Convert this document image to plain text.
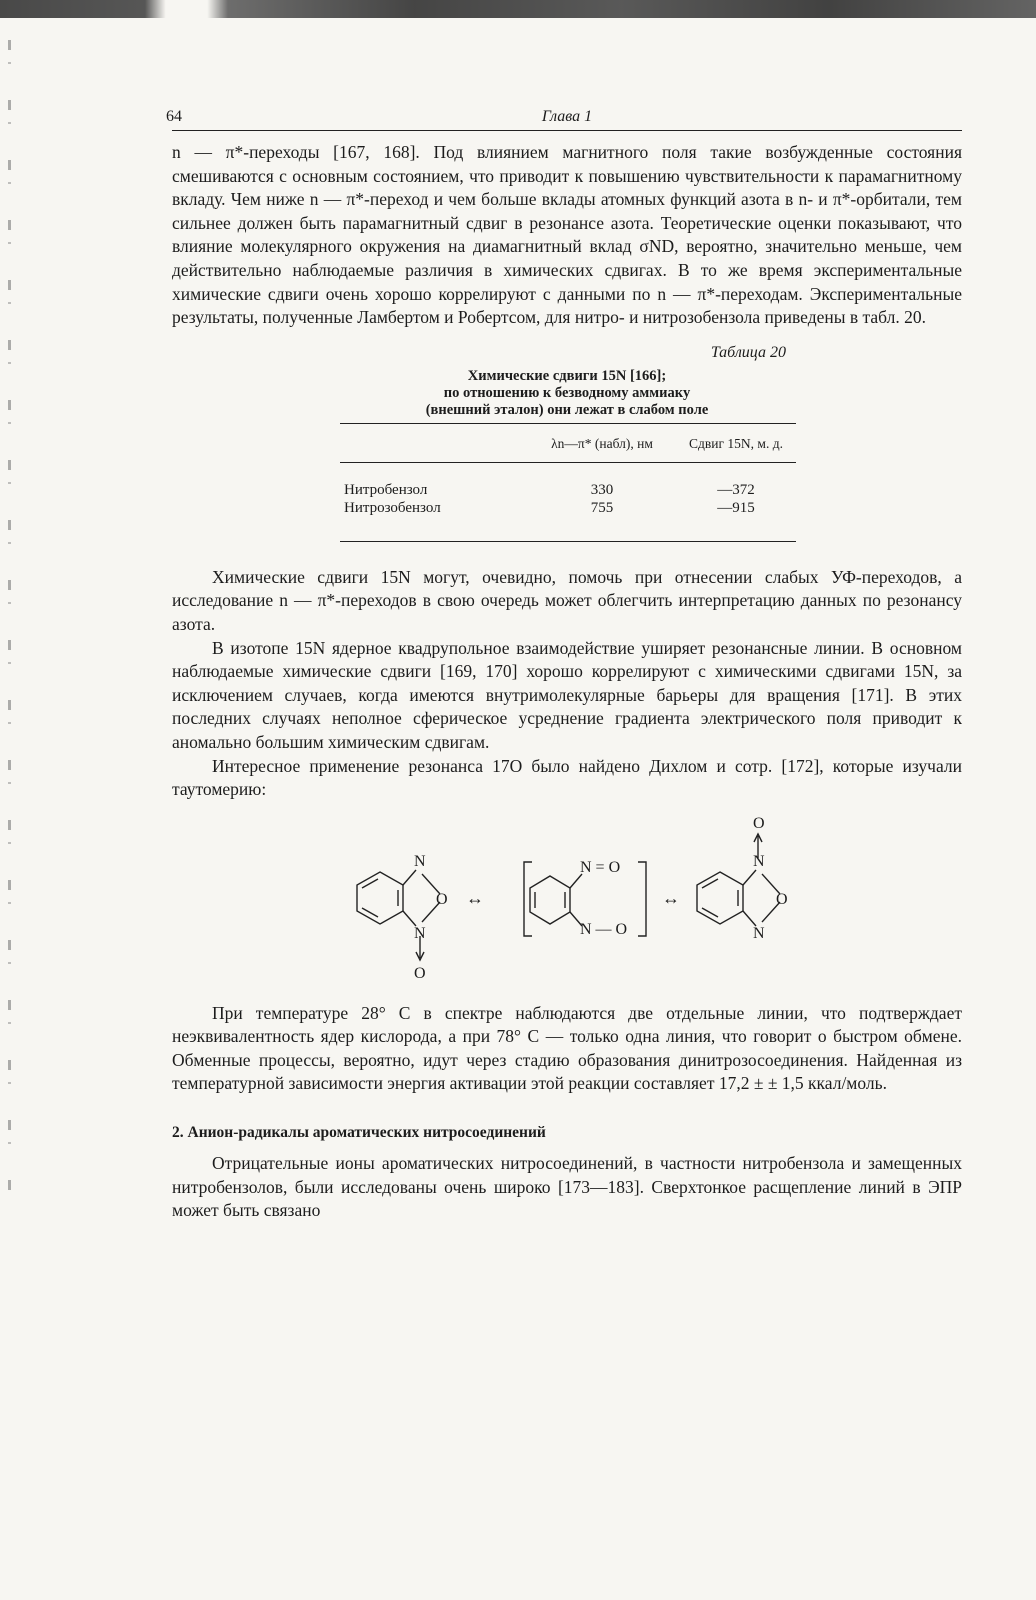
64	Глава 1

n — π*-переходы [167, 168]. Под влиянием магнитного поля такие возбужденные состояния смешиваются с основным состоянием, что приводит к повышению чувствительности к парамагнитному вкладу. Чем ниже n — π*-переход и чем больше вклады атомных функций азота в n- и π*-орбитали, тем сильнее должен быть парамагнитный сдвиг в резонансе азота. Теоретические оценки показывают, что влияние молекулярного окружения на диамагнитный вклад σND, вероятно, значительно меньше, чем действительно наблюдаемые различия в химических сдвигах. В то же время экспериментальные химические сдвиги очень хорошо коррелируют с данными по n — π*-переходам. Экспериментальные результаты, полученные Ламбертом и Робертсом, для нитро- и нитрозобензола приведены в табл. 20.

Таблица 20
Химические сдвиги 15N [166];
по отношению к безводному аммиаку
(внешний эталон) они лежат в слабом поле
	λn—π* (набл), нм	Сдвиг 15N, м. д.
Нитробензол	330	—372
Нитрозобензол	755	—915

Химические сдвиги 15N могут, очевидно, помочь при отнесении слабых УФ-переходов, а исследование n — π*-переходов в свою очередь может облегчить интерпретацию данных по резонансу азота.

В изотопе 15N ядерное квадрупольное взаимодействие уширяет резонансные линии. В основном наблюдаемые химические сдвиги [169, 170] хорошо коррелируют с химическими сдвигами 15N, за исключением случаев, когда имеются внутримолекулярные барьеры для вращения [171]. В этих последних случаях неполное сферическое усреднение градиента электрического поля приводит к аномально большим химическим сдвигам.

Интересное применение резонанса 17O было найдено Дихлом и сотр. [172], которые изучали таутомерию:

N
O
N
O
↔
N = O
N — O
↔
O
N
O
N

При температуре 28° С в спектре наблюдаются две отдельные линии, что подтверждает неэквивалентность ядер кислорода, а при 78° С — только одна линия, что говорит о быстром обмене. Обменные процессы, вероятно, идут через стадию образования динитрозосоединения. Найденная из температурной зависимости энергия активации этой реакции составляет 17,2 ± ± 1,5 ккал/моль.

2. Анион-радикалы ароматических нитросоединений

Отрицательные ионы ароматических нитросоединений, в частности нитробензола и замещенных нитробензолов, были исследованы очень широко [173—183]. Сверхтонкое расщепление линий в ЭПР может быть связано
